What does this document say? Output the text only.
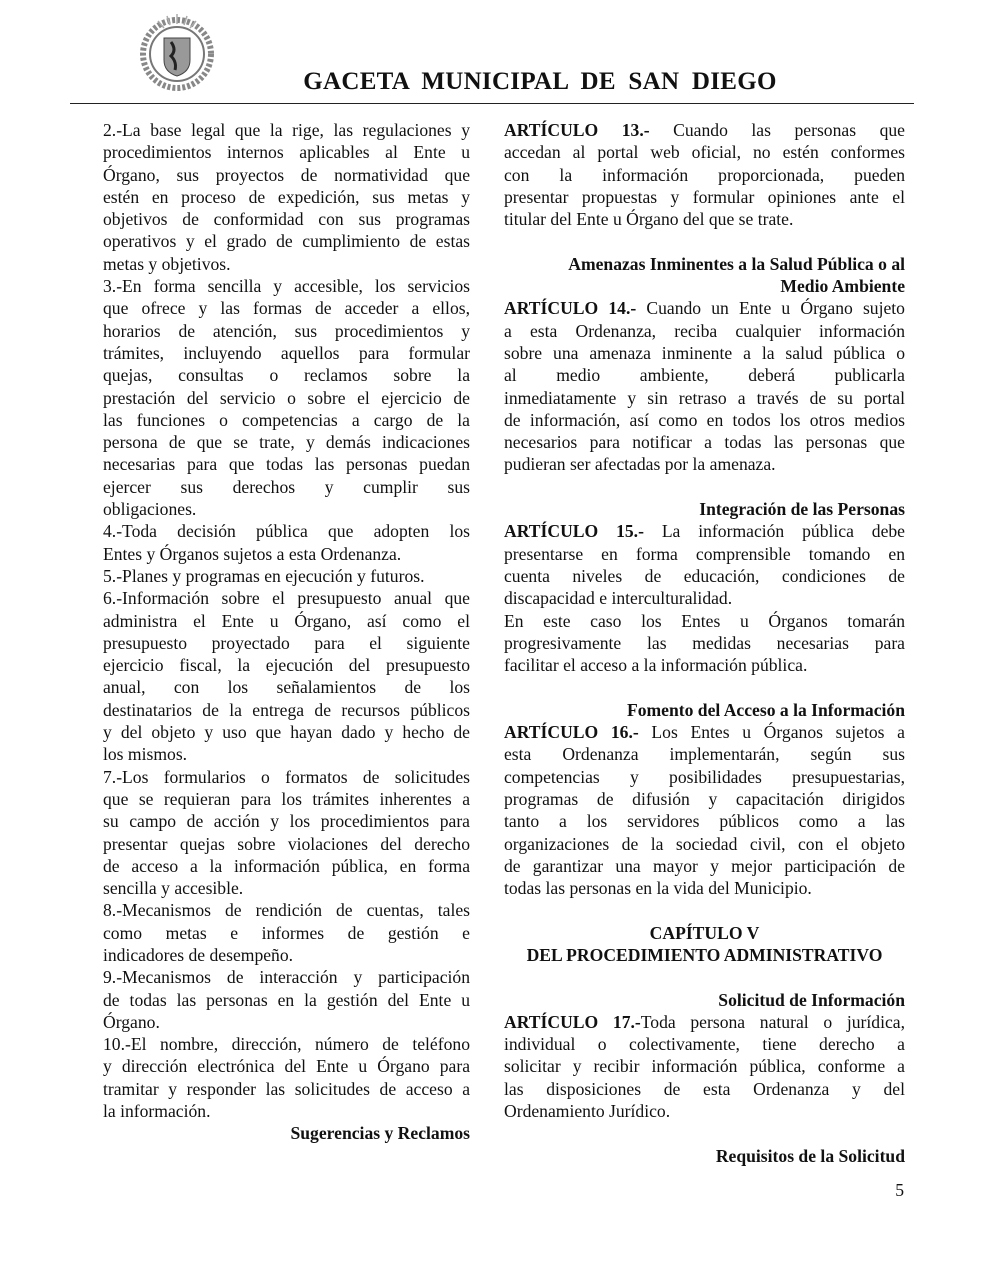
GACETA MUNICIPAL DE SAN DIEGO
2.-La base legal que la rige, las regulaciones y
procedimientos internos aplicables al Ente u
Órgano, sus proyectos de normatividad que
estén en proceso de expedición, sus metas y
objetivos de conformidad con sus programas
operativos y el grado de cumplimiento de estas
metas y objetivos.
3.-En forma sencilla y accesible, los servicios
que ofrece y las formas de acceder a ellos,
horarios de atención, sus procedimientos y
trámites, incluyendo aquellos para formular
quejas, consultas o reclamos sobre la
prestación del servicio o sobre el ejercicio de
las funciones o competencias a cargo de la
persona de que se trate, y demás indicaciones
necesarias para que todas las personas puedan
ejercer sus derechos y cumplir sus
obligaciones.
4.-Toda decisión pública que adopten los
Entes y Órganos sujetos a esta Ordenanza.
5.-Planes y programas en ejecución y futuros.
6.-Información sobre el presupuesto anual que
administra el Ente u Órgano, así como el
presupuesto proyectado para el siguiente
ejercicio fiscal, la ejecución del presupuesto
anual, con los señalamientos de los
destinatarios de la entrega de recursos públicos
y del objeto y uso que hayan dado y hecho de
los mismos.
7.-Los formularios o formatos de solicitudes
que se requieran para los trámites inherentes a
su campo de acción y los procedimientos para
presentar quejas sobre violaciones del derecho
de acceso a la información pública, en forma
sencilla y accesible.
8.-Mecanismos de rendición de cuentas, tales
como metas e informes de gestión e
indicadores de desempeño.
9.-Mecanismos de interacción y participación
de todas las personas en la gestión del Ente u
Órgano.
10.-El nombre, dirección, número de teléfono
y dirección electrónica del Ente u Órgano para
tramitar y responder las solicitudes de acceso a
la información.
Sugerencias y Reclamos
ARTÍCULO 13.- Cuando las personas que
accedan al portal web oficial, no estén conformes
con la información proporcionada, pueden
presentar propuestas y formular opiniones ante el
titular del Ente u Órgano del que se trate.
Amenazas Inminentes a la Salud Pública o al
Medio Ambiente
ARTÍCULO 14.- Cuando un Ente u Órgano sujeto
a esta Ordenanza, reciba cualquier información
sobre una amenaza inminente a la salud pública o
al medio ambiente, deberá publicarla
inmediatamente y sin retraso a través de su portal
de información, así como en todos los otros medios
necesarios para notificar a todas las personas que
pudieran ser afectadas por la amenaza.
Integración de las Personas
ARTÍCULO 15.- La información pública debe
presentarse en forma comprensible tomando en
cuenta niveles de educación, condiciones de
discapacidad e interculturalidad.
En este caso los Entes u Órganos tomarán
progresivamente las medidas necesarias para
facilitar el acceso a la información pública.
Fomento del Acceso a la Información
ARTÍCULO 16.- Los Entes u Órganos sujetos a
esta Ordenanza implementarán, según sus
competencias y posibilidades presupuestarias,
programas de difusión y capacitación dirigidos
tanto a los servidores públicos como a las
organizaciones de la sociedad civil, con el objeto
de garantizar una mayor y mejor participación de
todas las personas en la vida del Municipio.
CAPÍTULO V
DEL PROCEDIMIENTO ADMINISTRATIVO
Solicitud de Información
ARTÍCULO 17.-Toda persona natural o jurídica,
individual o colectivamente, tiene derecho a
solicitar y recibir información pública, conforme a
las disposiciones de esta Ordenanza y del
Ordenamiento Jurídico.
Requisitos de la Solicitud
5
